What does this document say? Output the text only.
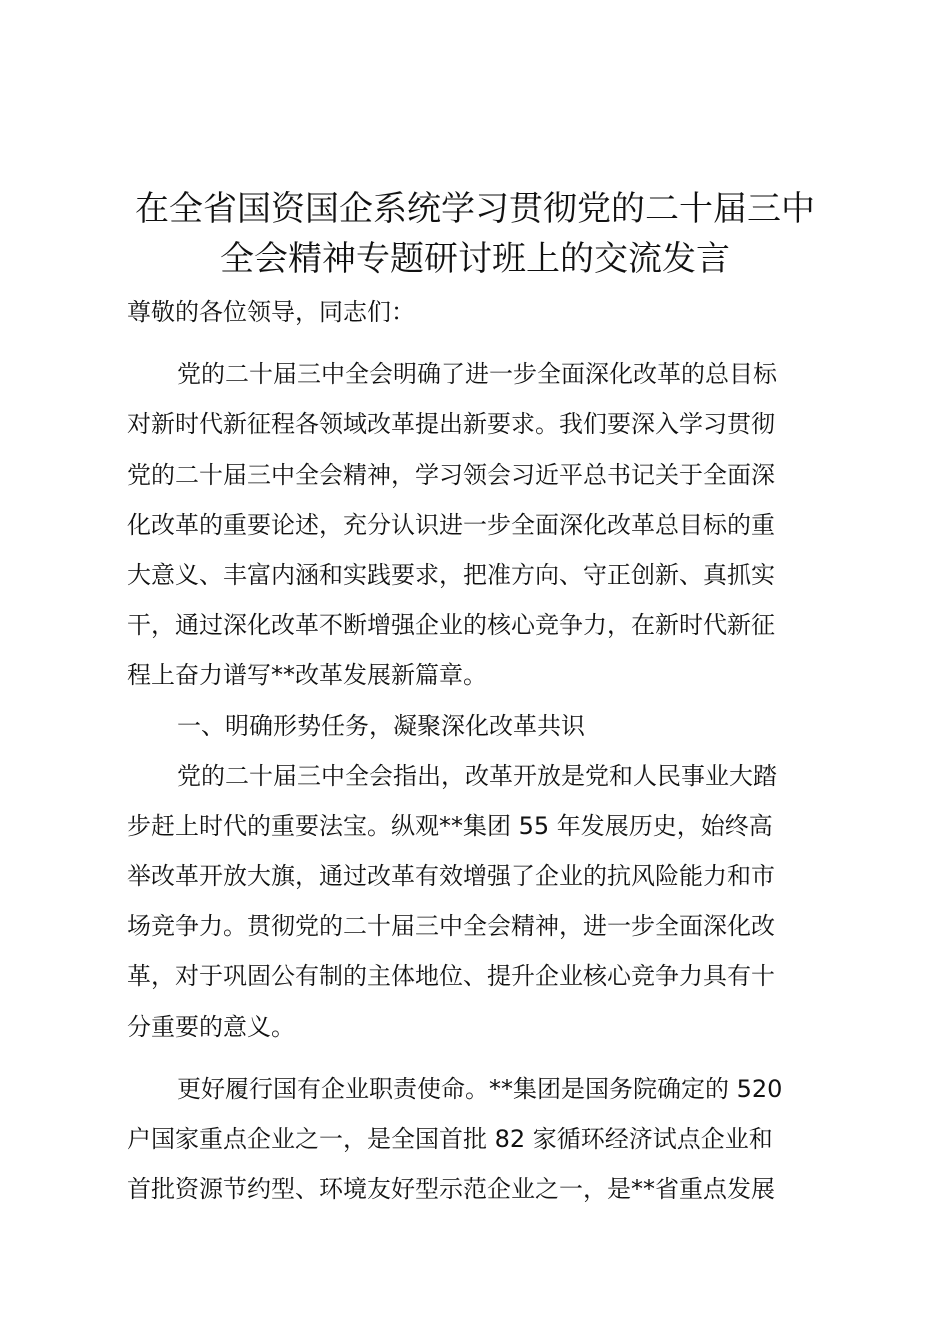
在全省国资国企系统学习贯彻党的二十届三中
全会精神专题研讨班上的交流发言
尊敬的各位领导，同志们：
党的二十届三中全会明确了进一步全面深化改革的总目标
对新时代新征程各领域改革提出新要求。我们要深入学习贯彻
党的二十届三中全会精神，学习领会习近平总书记关于全面深
化改革的重要论述，充分认识进一步全面深化改革总目标的重
大意义、丰富内涵和实践要求，把准方向、守正创新、真抓实
干，通过深化改革不断增强企业的核心竞争力，在新时代新征
程上奋力谱写**改革发展新篇章。
一、明确形势任务，凝聚深化改革共识
党的二十届三中全会指出，改革开放是党和人民事业大踏
步赶上时代的重要法宝。纵观**集团 55 年发展历史，始终高
举改革开放大旗，通过改革有效增强了企业的抗风险能力和市
场竞争力。贯彻党的二十届三中全会精神，进一步全面深化改
革，对于巩固公有制的主体地位、提升企业核心竞争力具有十
分重要的意义。
更好履行国有企业职责使命。**集团是国务院确定的 520
户国家重点企业之一，是全国首批 82 家循环经济试点企业和
首批资源节约型、环境友好型示范企业之一，是**省重点发展
